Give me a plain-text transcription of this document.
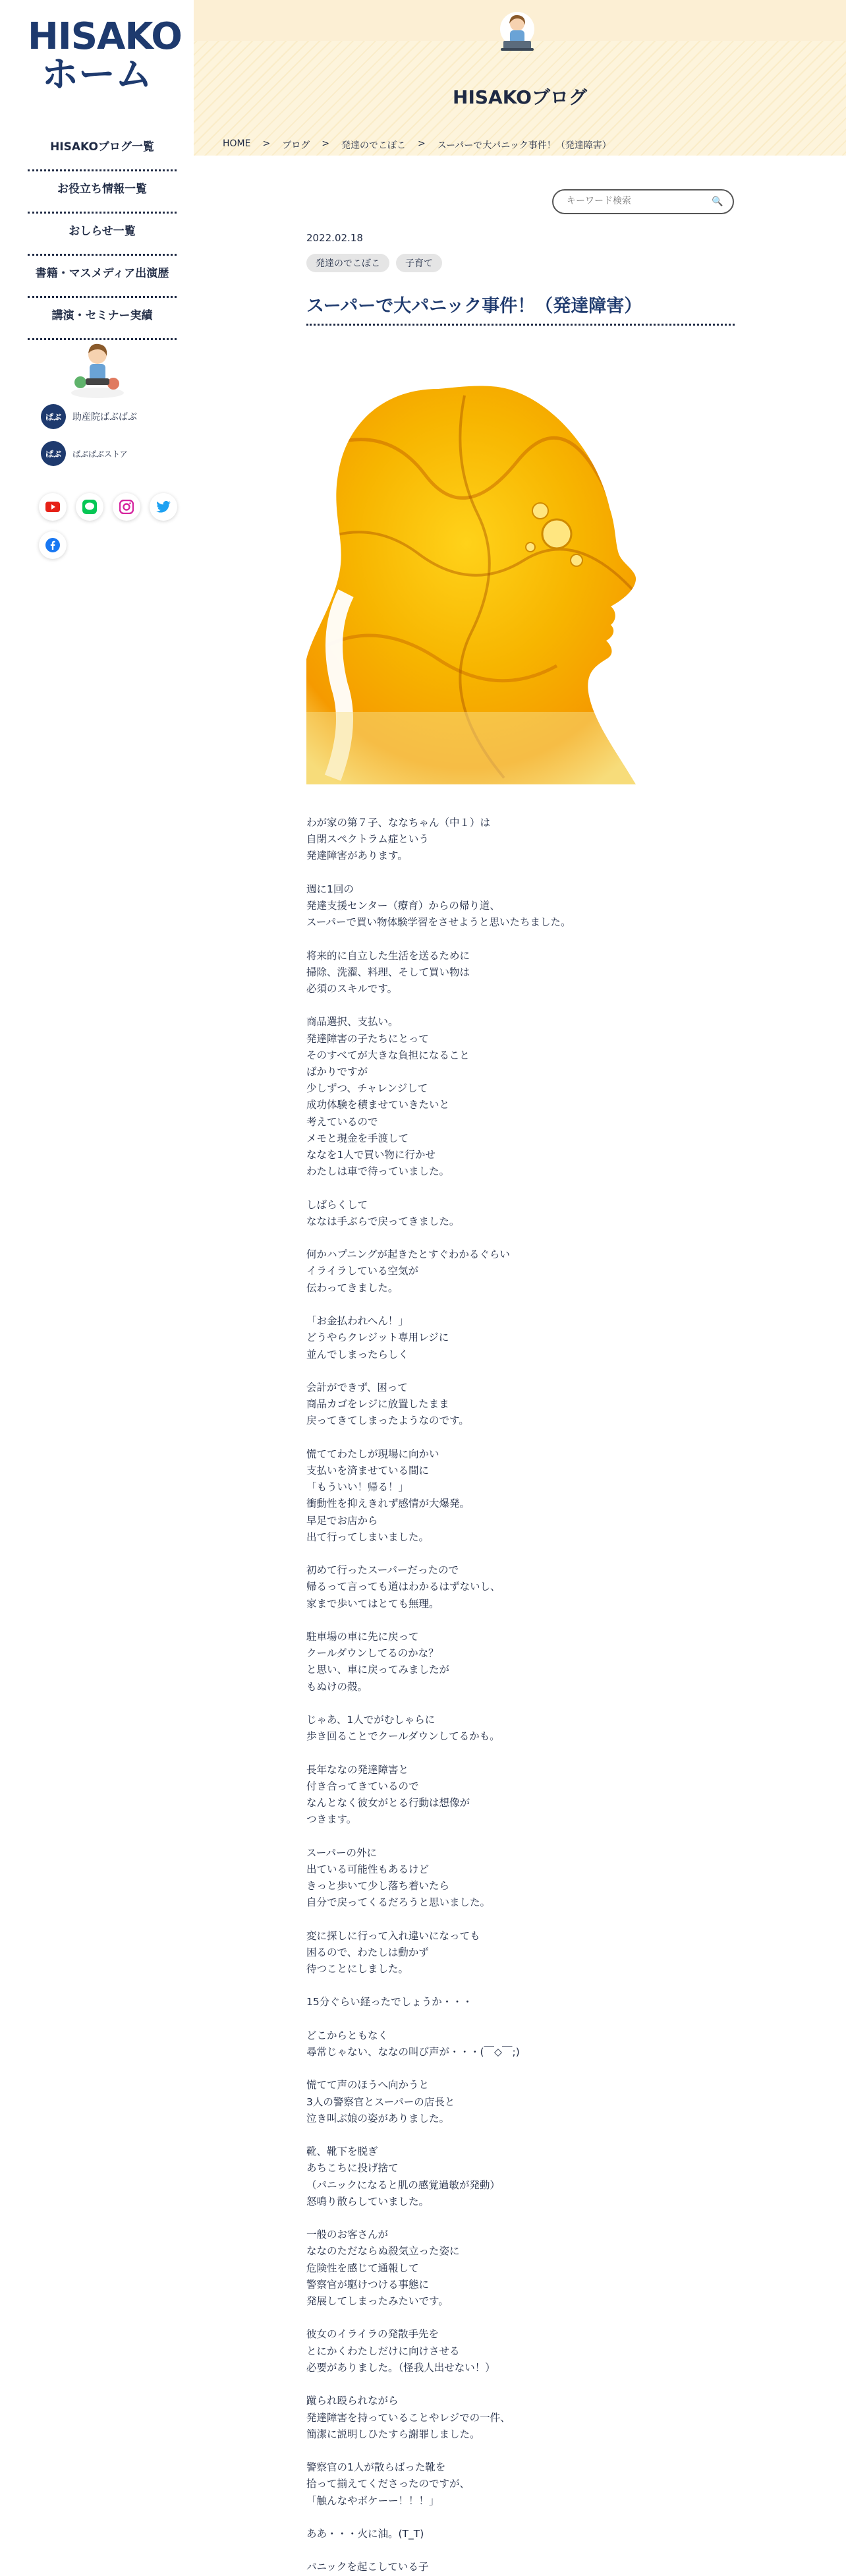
HISAKO
ホーム
HISAKOブログ一覧
お役立ち情報一覧
おしらせ一覧
書籍・マスメディア出演歴
講演・セミナー実績
ぱぶ	助産院ばぶばぶ
ぱぶ	ばぶばぶストア
HISAKOブログ
HOME > ブログ > 発達のでこぼこ > スーパーで大パニック事件！（発達障害）
キーワード検索
🔍
2022.02.18
発達のでこぼこ	子育て
スーパーで大パニック事件！（発達障害）
わが家の第７子、ななちゃん（中１）は
自閉スペクトラム症という
発達障害があります。

週に1回の
発達支援センター（療育）からの帰り道、
スーパーで買い物体験学習をさせようと思いたちました。

将来的に自立した生活を送るために
掃除、洗濯、料理、そして買い物は
必須のスキルです。

商品選択、支払い。
発達障害の子たちにとって
そのすべてが大きな負担になること
ばかりですが
少しずつ、チャレンジして
成功体験を積ませていきたいと
考えているので
メモと現金を手渡して
ななを1人で買い物に行かせ
わたしは車で待っていました。

しばらくして
ななは手ぶらで戻ってきました。

何かハプニングが起きたとすぐわかるぐらい
イライラしている空気が
伝わってきました。

「お金払われへん！」
どうやらクレジット専用レジに
並んでしまったらしく

会計ができず、困って
商品カゴをレジに放置したまま
戻ってきてしまったようなのです。

慌ててわたしが現場に向かい
支払いを済ませている間に
「もういい！帰る！」
衝動性を抑えきれず感情が大爆発。
早足でお店から
出て行ってしまいました。

初めて行ったスーパーだったので
帰るって言っても道はわかるはずないし、
家まで歩いてはとても無理。

駐車場の車に先に戻って
クールダウンしてるのかな？
と思い、車に戻ってみましたが
もぬけの殻。

じゃあ、1人でがむしゃらに
歩き回ることでクールダウンしてるかも。

長年ななの発達障害と
付き合ってきているので
なんとなく彼女がとる行動は想像が
つきます。

スーパーの外に
出ている可能性もあるけど
きっと歩いて少し落ち着いたら
自分で戻ってくるだろうと思いました。

変に探しに行って入れ違いになっても
困るので、わたしは動かず
待つことにしました。

15分ぐらい経ったでしょうか・・・

どこからともなく
尋常じゃない、ななの叫び声が・・・(￣◇￣;)

慌てて声のほうへ向かうと
3人の警察官とスーパーの店長と
泣き叫ぶ娘の姿がありました。

靴、靴下を脱ぎ
あちこちに投げ捨て
（パニックになると肌の感覚過敏が発動）
怒鳴り散らしていました。

一般のお客さんが
ななのただならぬ殺気立った姿に
危険性を感じて通報して
警察官が駆けつける事態に
発展してしまったみたいです。

彼女のイライラの発散手先を
とにかくわたしだけに向けさせる
必要がありました。（怪我人出せない！）

蹴られ殴られながら
発達障害を持っていることやレジでの一件、
簡潔に説明しひたすら謝罪しました。

警察官の1人が散らばった靴を
拾って揃えてくださったのですが、
「触んなやボケーー！！！」

ああ・・・火に油。(T_T)

パニックを起こしている子
